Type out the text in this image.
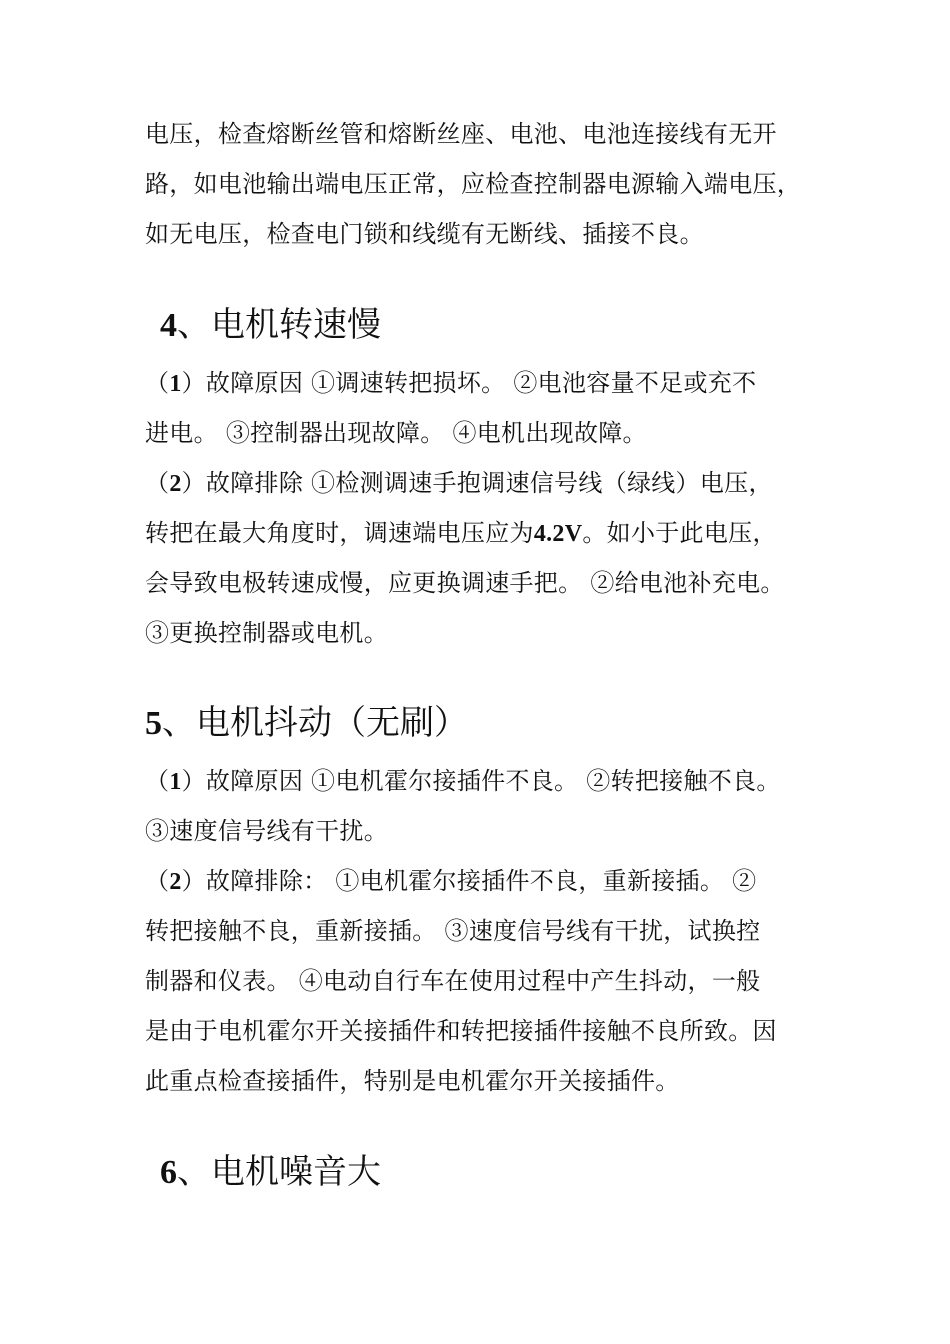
电压，检查熔断丝管和熔断丝座、电池、电池连接线有无开
路，如电池输出端电压正常，应检查控制器电源输入端电压，
如无电压，检查电门锁和线缆有无断线、插接不良。
4、电机转速慢
（1）故障原因 ①调速转把损坏。 ②电池容量不足或充不
进电。 ③控制器出现故障。 ④电机出现故障。
（2）故障排除 ①检测调速手抱调速信号线（绿线）电压，
转把在最大角度时，调速端电压应为4.2V。如小于此电压，
会导致电极转速成慢，应更换调速手把。 ②给电池补充电。
③更换控制器或电机。
5、电机抖动（无刷）
（1）故障原因 ①电机霍尔接插件不良。 ②转把接触不良。
③速度信号线有干扰。
（2）故障排除： ①电机霍尔接插件不良，重新接插。 ②
转把接触不良，重新接插。 ③速度信号线有干扰，试换控
制器和仪表。 ④电动自行车在使用过程中产生抖动，一般
是由于电机霍尔开关接插件和转把接插件接触不良所致。因
此重点检查接插件，特别是电机霍尔开关接插件。
6、电机噪音大
